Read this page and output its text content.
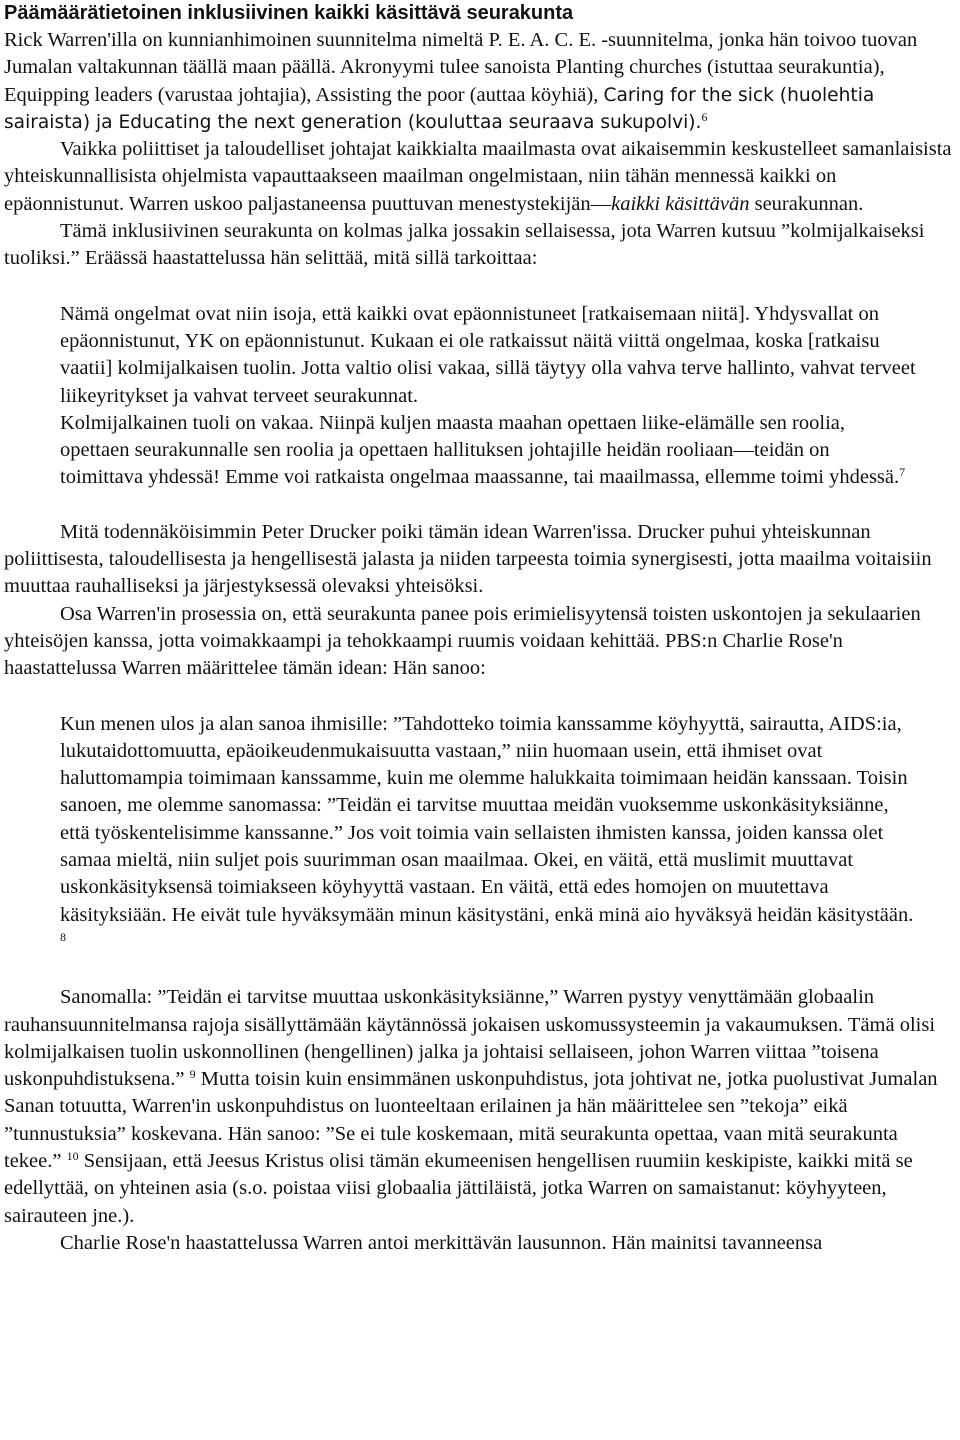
Päämäärätietoinen inklusiivinen kaikki käsittävä seurakunta

Rick Warren'illa on kunnianhimoinen suunnitelma nimeltä P. E. A. C. E. -suunnitelma, jonka hän toivoo tuovan Jumalan valtakunnan täällä maan päällä. Akronyymi tulee sanoista Planting churches (istuttaa seurakuntia), Equipping leaders (varustaa johtajia), Assisting the poor (auttaa köyhiä), Caring for the sick (huolehtia sairaista) ja Educating the next generation (kouluttaa seuraava sukupolvi).$^6$

Vaikka poliittiset ja taloudelliset johtajat kaikkialta maailmasta ovat aikaisemmin keskustelleet samanlaisista yhteiskunnallisista ohjelmista vapauttaakseen maailman ongelmistaan, niin tähän mennessä kaikki on epäonnistunut. Warren uskoo paljastaneensa puuttuvan menestystekijän—kaikki käsittävän seurakunnan.

Tämä inklusiivinen seurakunta on kolmas jalka jossakin sellaisessa, jota Warren kutsuu ”kolmijalkaiseksi tuoliksi.” Eräässä haastattelussa hän selittää, mitä sillä tarkoittaa:

Nämä ongelmat ovat niin isoja, että kaikki ovat epäonnistuneet [ratkaisemaan niitä]. Yhdysvallat on epäonnistunut, YK on epäonnistunut. Kukaan ei ole ratkaissut näitä viittä ongelmaa, koska [ratkaisu vaatii] kolmijalkaisen tuolin. Jotta valtio olisi vakaa, sillä täytyy olla vahva terve hallinto, vahvat terveet liikeyritykset ja vahvat terveet seurakunnat.

Kolmijalkainen tuoli on vakaa. Niinpä kuljen maasta maahan opettaen liike-elämälle sen roolia, opettaen seurakunnalle sen roolia ja opettaen hallituksen johtajille heidän rooliaan—teidän on toimittava yhdessä! Emme voi ratkaista ongelmaa maassanne, tai maailmassa, ellemme toimi yhdessä.$^7$

Mitä todennäköisimmin Peter Drucker poiki tämän idean Warren'issa. Drucker puhui yhteiskunnan poliittisesta, taloudellisesta ja hengellisestä jalasta ja niiden tarpeesta toimia synergisesti, jotta maailma voitaisiin muuttaa rauhalliseksi ja järjestyksessä olevaksi yhteisöksi.

Osa Warren'in prosessia on, että seurakunta panee pois erimielisyytensä toisten uskontojen ja sekulaarien yhteisöjen kanssa, jotta voimakkaampi ja tehokkaampi ruumis voidaan kehittää. PBS:n Charlie Rose'n haastattelussa Warren määrittelee tämän idean: Hän sanoo:

Kun menen ulos ja alan sanoa ihmisille: ”Tahdotteko toimia kanssamme köyhyyttä, sairautta, AIDS:ia, lukutaidottomuutta, epäoikeudenmukaisuutta vastaan,” niin huomaan usein, että ihmiset ovat haluttomampia toimimaan kanssamme, kuin me olemme halukkaita toimimaan heidän kanssaan. Toisin sanoen, me olemme sanomassa: ”Teidän ei tarvitse muuttaa meidän vuoksemme uskonkäsityksiänne, että työskentelisimme kanssanne.” Jos voit toimia vain sellaisten ihmisten kanssa, joiden kanssa olet samaa mieltä, niin suljet pois suurimman osan maailmaa. Okei, en väitä, että muslimit muuttavat uskonkäsityksensä toimiakseen köyhyyttä vastaan. En väitä, että edes homojen on muutettava käsityksiään. He eivät tule hyväksymään minun käsitystäni, enkä minä aio hyväksyä heidän käsitystään. $^8$

Sanomalla: ”Teidän ei tarvitse muuttaa uskonkäsityksiänne,” Warren pystyy venyttämään globaalin rauhansuunnitelmansa rajoja sisällyttämään käytännössä jokaisen uskomussysteemin ja vakaumuksen. Tämä olisi kolmijalkaisen tuolin uskonnollinen (hengellinen) jalka ja johtaisi sellaiseen, johon Warren viittaa ”toisena uskonpuhdistuksena.” $^9$ Mutta toisin kuin ensimmänen uskonpuhdistus, jota johtivat ne, jotka puolustivat Jumalan Sanan totuutta, Warren'in uskonpuhdistus on luonteeltaan erilainen ja hän määrittelee sen ”tekoja” eikä ”tunnustuksia” koskevana. Hän sanoo: ”Se ei tule koskemaan, mitä seurakunta opettaa, vaan mitä seurakunta tekee.” $^{10}$ Sensijaan, että Jeesus Kristus olisi tämän ekumeenisen hengellisen ruumiin keskipiste, kaikki mitä se edellyttää, on yhteinen asia (s.o. poistaa viisi globaalia jättiläistä, jotka Warren on samaistanut: köyhyyteen, sairauteen jne.).

Charlie Rose'n haastattelussa Warren antoi merkittävän lausunnon. Hän mainitsi tavanneensa
